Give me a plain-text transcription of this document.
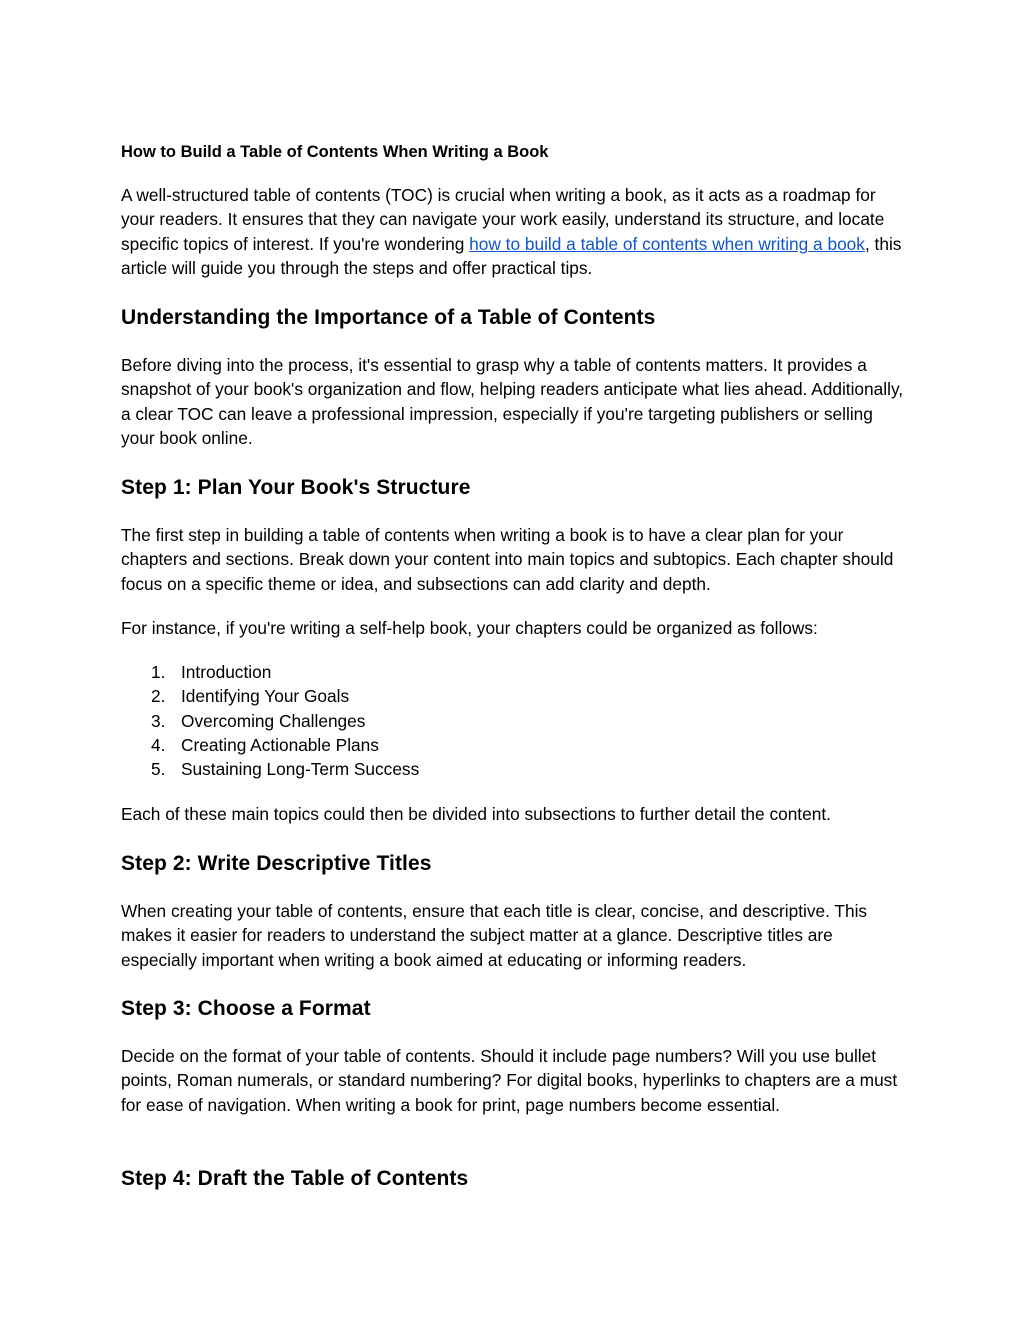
How to Build a Table of Contents When Writing a Book

A well-structured table of contents (TOC) is crucial when writing a book, as it acts as a roadmap for your readers. It ensures that they can navigate your work easily, understand its structure, and locate specific topics of interest. If you're wondering how to build a table of contents when writing a book, this article will guide you through the steps and offer practical tips.

Understanding the Importance of a Table of Contents

Before diving into the process, it's essential to grasp why a table of contents matters. It provides a snapshot of your book's organization and flow, helping readers anticipate what lies ahead. Additionally, a clear TOC can leave a professional impression, especially if you're targeting publishers or selling your book online.

Step 1: Plan Your Book's Structure

The first step in building a table of contents when writing a book is to have a clear plan for your chapters and sections. Break down your content into main topics and subtopics. Each chapter should focus on a specific theme or idea, and subsections can add clarity and depth.

For instance, if you're writing a self-help book, your chapters could be organized as follows:

1. Introduction
2. Identifying Your Goals
3. Overcoming Challenges
4. Creating Actionable Plans
5. Sustaining Long-Term Success

Each of these main topics could then be divided into subsections to further detail the content.

Step 2: Write Descriptive Titles

When creating your table of contents, ensure that each title is clear, concise, and descriptive. This makes it easier for readers to understand the subject matter at a glance. Descriptive titles are especially important when writing a book aimed at educating or informing readers.

Step 3: Choose a Format

Decide on the format of your table of contents. Should it include page numbers? Will you use bullet points, Roman numerals, or standard numbering? For digital books, hyperlinks to chapters are a must for ease of navigation. When writing a book for print, page numbers become essential.

Step 4: Draft the Table of Contents
